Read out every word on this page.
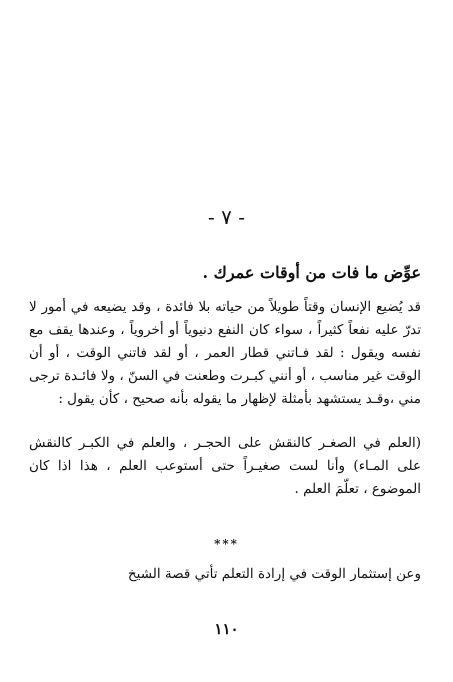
- ٧ -
عوِّض ما فات من أوقات عمرك .
قد يُضيع الإنسان وقتاً طويلاً من حياته بلا فائدة ، وقد يضيعه في أمور لا تدرّ عليه نفعاً كثيراً ، سواء كان النفع دنيوياً أو أخروياً ، وعندها يقف مع نفسه ويقول : لقد فـاتني قطار العمر ، أو لقد فاتني الوقت ، أو أن الوقت غير مناسب ، أو أنني كبـرت وطعنت في السنّ ، ولا فائـدة ترجى مني ،وقـد يستشهد بأمثلة لإظهار ما يقوله بأنه صحيح ، كأن يقول :
(العلم في الصغـر كالنقش على الحجـر ، والعلم في الكبـر كالنقش على المـاء) وأنا لست صغيـراً حتى أستوعب العلم ، هذا اذا كان الموضوع ، تعلّمَ العلم .
***
وعن إستثمار الوقت في إرادة التعلم تأتي قصة الشيخ
١١٠
